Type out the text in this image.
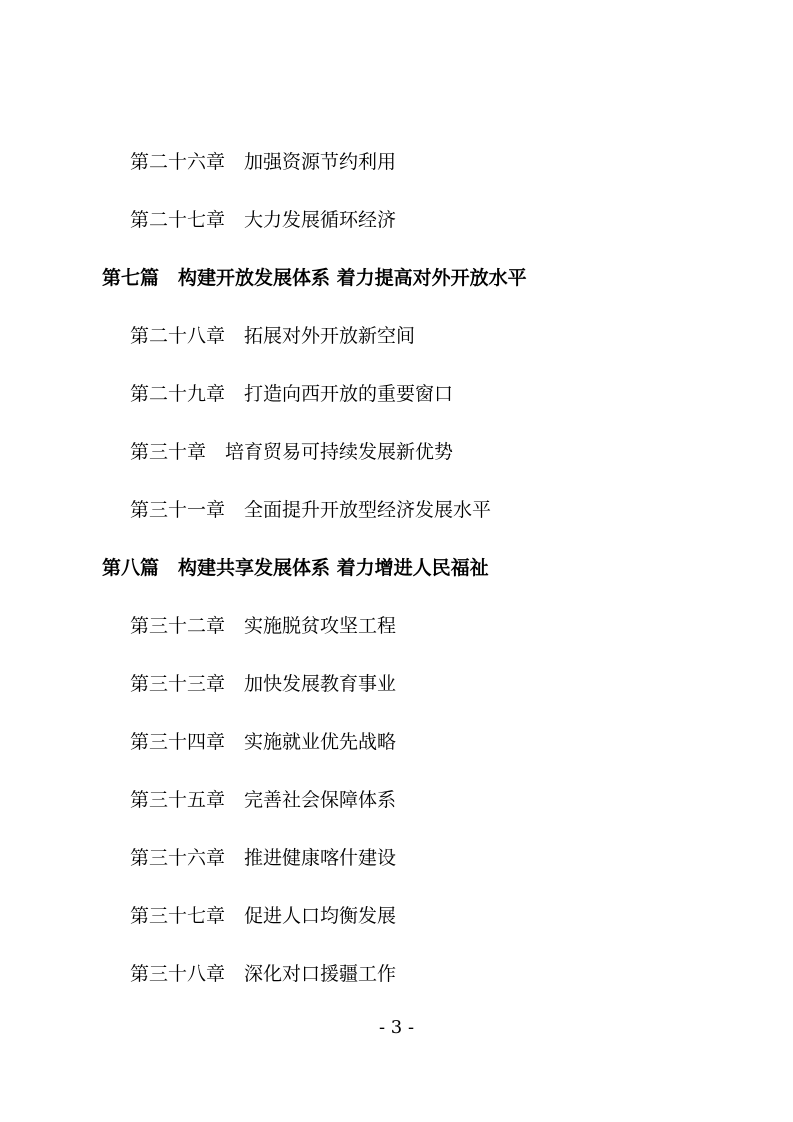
第二十六章 加强资源节约利用
第二十七章 大力发展循环经济
第七篇 构建开放发展体系 着力提高对外开放水平
第二十八章 拓展对外开放新空间
第二十九章 打造向西开放的重要窗口
第三十章 培育贸易可持续发展新优势
第三十一章 全面提升开放型经济发展水平
第八篇 构建共享发展体系 着力增进人民福祉
第三十二章 实施脱贫攻坚工程
第三十三章 加快发展教育事业
第三十四章 实施就业优先战略
第三十五章 完善社会保障体系
第三十六章 推进健康喀什建设
第三十七章 促进人口均衡发展
第三十八章 深化对口援疆工作
- 3 -
